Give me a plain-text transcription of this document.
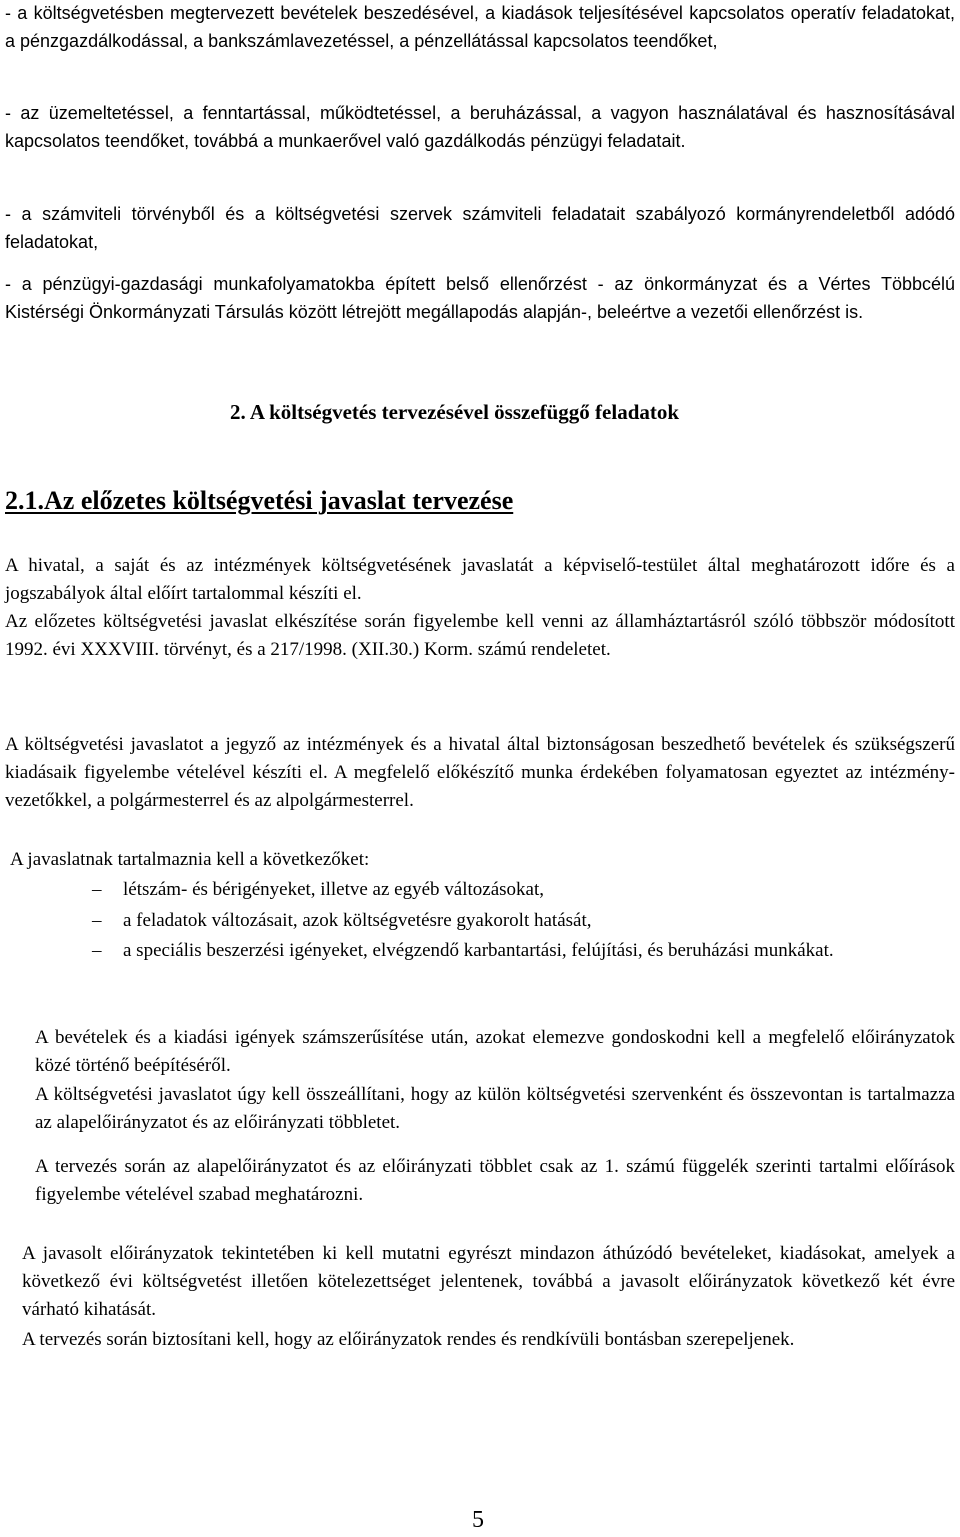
- a költségvetésben megtervezett bevételek beszedésével, a kiadások teljesítésével kapcsolatos operatív feladatokat, a pénzgazdálkodással, a bankszámlavezetéssel, a pénzellátással kapcsolatos teendőket,

- az üzemeltetéssel, a fenntartással, működtetéssel, a beruházással, a vagyon használatával és hasznosításával kapcsolatos teendőket, továbbá a munkaerővel való gazdálkodás pénzügyi feladatait.

- a számviteli törvényből és a költségvetési szervek számviteli feladatait szabályozó kormányrendeletből adódó feladatokat,

- a pénzügyi-gazdasági munkafolyamatokba épített belső ellenőrzést - az önkormányzat és a Vértes Többcélú Kistérségi Önkormányzati Társulás között létrejött megállapodás alapján-, beleértve a vezetői ellenőrzést is.

2. A költségvetés tervezésével összefüggő feladatok
2.1.Az előzetes költségvetési javaslat tervezése

A hivatal, a saját és az intézmények költségvetésének javaslatát a képviselő-testület által meghatározott időre és a jogszabályok által előírt tartalommal készíti el.

Az előzetes költségvetési javaslat elkészítése során figyelembe kell venni az államháztartásról szóló többször módosított 1992. évi XXXVIII. törvényt, és a 217/1998. (XII.30.) Korm. számú rendeletet.

A költségvetési javaslatot a jegyző az intézmények és a hivatal által biztonságosan beszedhető bevételek és szükségszerű kiadásaik figyelembe vételével készíti el. A megfelelő előkészítő munka érdekében folyamatosan egyeztet az intézmény-vezetőkkel, a polgármesterrel és az alpolgármesterrel.

A javaslatnak tartalmaznia kell a következőket:

–	létszám- és bérigényeket, illetve az egyéb változásokat,
–	a feladatok változásait, azok költségvetésre gyakorolt hatását,
–	a speciális beszerzési igényeket, elvégzendő karbantartási, felújítási, és beruházási munkákat.

A bevételek és a kiadási igények számszerűsítése után, azokat elemezve gondoskodni kell a megfelelő előirányzatok közé történő beépítéséről.

A költségvetési javaslatot úgy kell összeállítani, hogy az külön költségvetési szervenként és összevontan is tartalmazza az alapelőirányzatot és az előirányzati többletet.

A tervezés során az alapelőirányzatot és az előirányzati többlet csak az 1. számú függelék szerinti tartalmi előírások figyelembe vételével szabad meghatározni.

A javasolt előirányzatok tekintetében ki kell mutatni egyrészt mindazon áthúzódó bevételeket, kiadásokat, amelyek a következő évi költségvetést illetően kötelezettséget jelentenek, továbbá a javasolt előirányzatok következő két évre várható kihatását.

A tervezés során biztosítani kell, hogy az előirányzatok rendes és rendkívüli bontásban szerepeljenek.

5
